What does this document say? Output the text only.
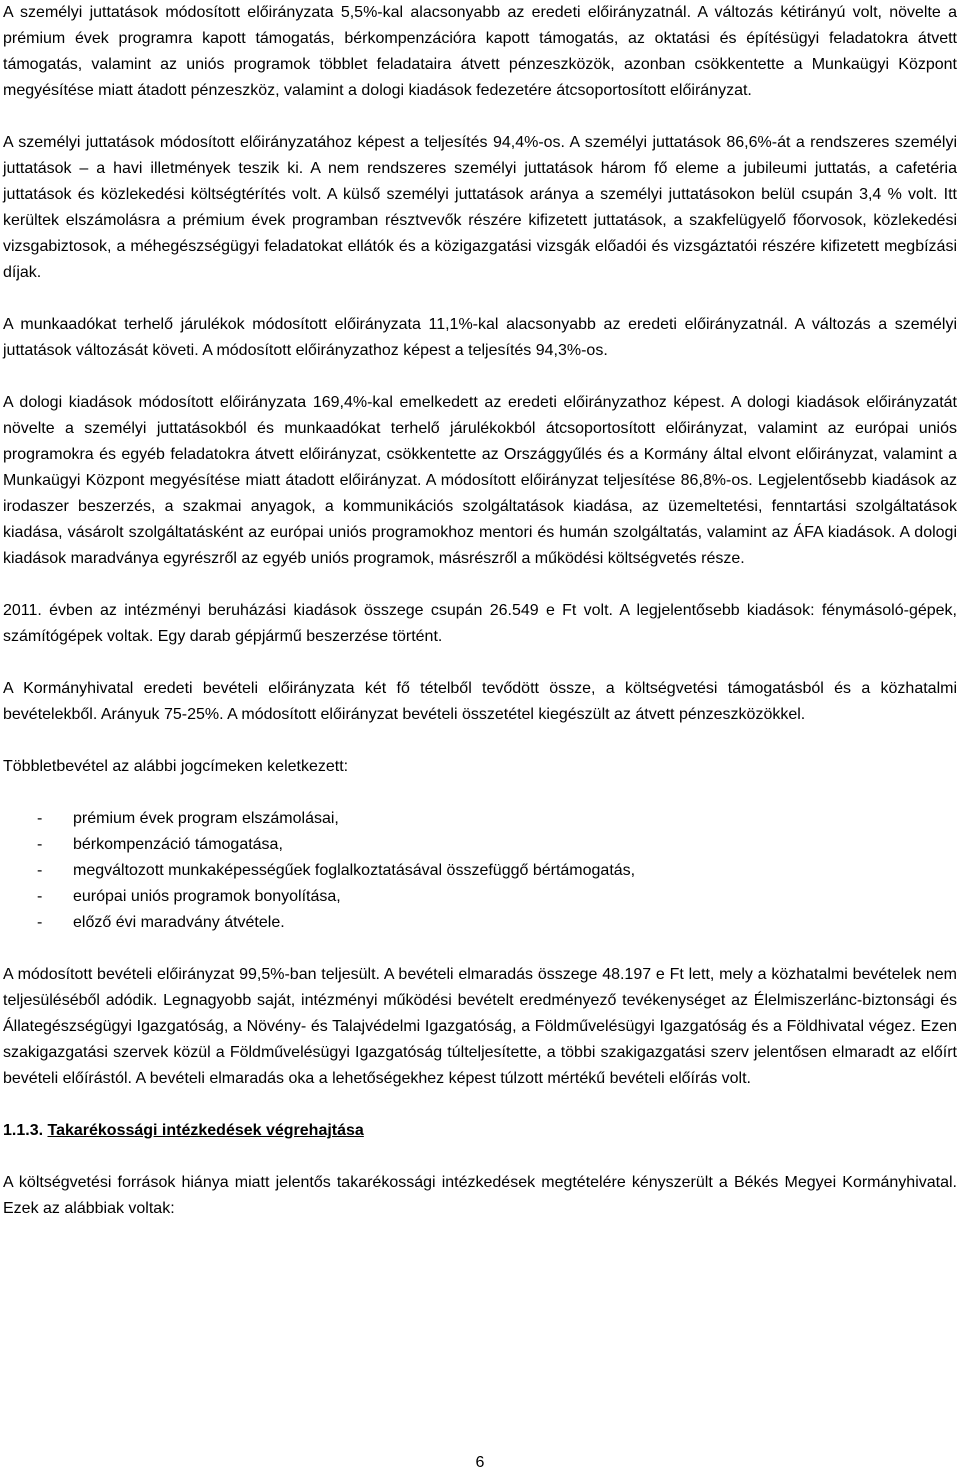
A személyi juttatások módosított előirányzata 5,5%-kal alacsonyabb az eredeti előirányzatnál. A változás kétirányú volt, növelte a prémium évek programra kapott támogatás, bérkompenzációra kapott támogatás, az oktatási és építésügyi feladatokra átvett támogatás, valamint az uniós programok többlet feladataira átvett pénzeszközök, azonban csökkentette a Munkaügyi Központ megyésítése miatt átadott pénzeszköz, valamint a dologi kiadások fedezetére átcsoportosított előirányzat.

A személyi juttatások módosított előirányzatához képest a teljesítés 94,4%-os. A személyi juttatások 86,6%-át a rendszeres személyi juttatások – a havi illetmények teszik ki. A nem rendszeres személyi juttatások három fő eleme a jubileumi juttatás, a cafetéria juttatások és közlekedési költségtérítés volt. A külső személyi juttatások aránya a személyi juttatásokon belül csupán 3,4 % volt. Itt kerültek elszámolásra a prémium évek programban résztvevők részére kifizetett juttatások, a szakfelügyelő főorvosok, közlekedési vizsgabiztosok, a méhegészségügyi feladatokat ellátók és a közigazgatási vizsgák előadói és vizsgáztatói részére kifizetett megbízási díjak.

A munkaadókat terhelő járulékok módosított előirányzata 11,1%-kal alacsonyabb az eredeti előirányzatnál. A változás a személyi juttatások változását követi. A módosított előirányzathoz képest a teljesítés 94,3%-os.

A dologi kiadások módosított előirányzata 169,4%-kal emelkedett az eredeti előirányzathoz képest. A dologi kiadások előirányzatát növelte a személyi juttatásokból és munkaadókat terhelő járulékokból átcsoportosított előirányzat, valamint az európai uniós programokra és egyéb feladatokra átvett előirányzat, csökkentette az Országgyűlés és a Kormány által elvont előirányzat, valamint a Munkaügyi Központ megyésítése miatt átadott előirányzat. A módosított előirányzat teljesítése 86,8%-os. Legjelentősebb kiadások az irodaszer beszerzés, a szakmai anyagok, a kommunikációs szolgáltatások kiadása, az üzemeltetési, fenntartási szolgáltatások kiadása, vásárolt szolgáltatásként az európai uniós programokhoz mentori és humán szolgáltatás, valamint az ÁFA kiadások. A dologi kiadások maradványa egyrészről az egyéb uniós programok, másrészről a működési költségvetés része.

2011. évben az intézményi beruházási kiadások összege csupán 26.549 e Ft volt. A legjelentősebb kiadások: fénymásoló-gépek, számítógépek voltak. Egy darab gépjármű beszerzése történt.

A Kormányhivatal eredeti bevételi előirányzata két fő tételből tevődött össze, a költségvetési támogatásból és a közhatalmi bevételekből. Arányuk 75-25%. A módosított előirányzat bevételi összetétel kiegészült az átvett pénzeszközökkel.

Többletbevétel az alábbi jogcímeken keletkezett:

- prémium évek program elszámolásai,
- bérkompenzáció támogatása,
- megváltozott munkaképességűek foglalkoztatásával összefüggő bértámogatás,
- európai uniós programok bonyolítása,
- előző évi maradvány átvétele.

A módosított bevételi előirányzat 99,5%-ban teljesült. A bevételi elmaradás összege 48.197 e Ft lett, mely a közhatalmi bevételek nem teljesüléséből adódik. Legnagyobb saját, intézményi működési bevételt eredményező tevékenységet az Élelmiszerlánc-biztonsági és Állategészségügyi Igazgatóság, a Növény- és Talajvédelmi Igazgatóság, a Földművelésügyi Igazgatóság és a Földhivatal végez. Ezen szakigazgatási szervek közül a Földművelésügyi Igazgatóság túlteljesítette, a többi szakigazgatási szerv jelentősen elmaradt az előírt bevételi előírástól. A bevételi elmaradás oka a lehetőségekhez képest túlzott mértékű bevételi előírás volt.

1.1.3. Takarékossági intézkedések végrehajtása

A költségvetési források hiánya miatt jelentős takarékossági intézkedések megtételére kényszerült a Békés Megyei Kormányhivatal. Ezek az alábbiak voltak:

6
